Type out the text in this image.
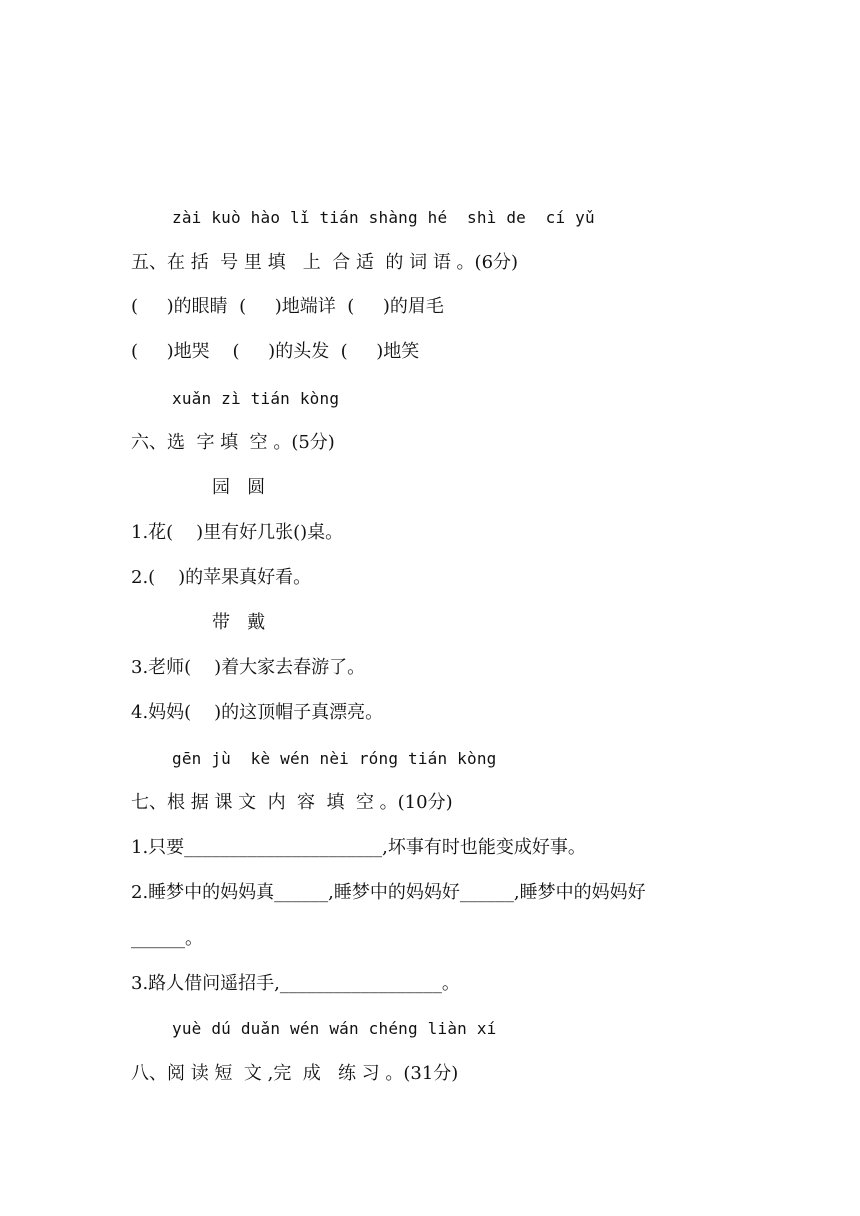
zài kuò hào lǐ tián shàng hé  shì de  cí yǔ
五、在 括  号 里 填   上  合 适  的 词 语 。(6分)
(     )的眼睛  (     )地端详  (     )的眉毛
(     )地哭    (     )的头发  (     )地笑
xuǎn zì tián kòng
六、选  字 填  空 。(5分)
园   圆
1.花(    )里有好几张()桌。
2.(    )的苹果真好看。
带   戴
3.老师(    )着大家去春游了。
4.妈妈(    )的这顶帽子真漂亮。
gēn jù  kè wén nèi róng tián kòng
七、根 据 课 文  内  容  填  空 。(10分)
1.只要______________________,坏事有时也能变成好事。
2.睡梦中的妈妈真______,睡梦中的妈妈好______,睡梦中的妈妈好
______。
3.路人借问遥招手,__________________。
yuè dú duǎn wén wán chéng liàn xí
八、阅 读 短  文 ,完  成   练 习 。(31分)
